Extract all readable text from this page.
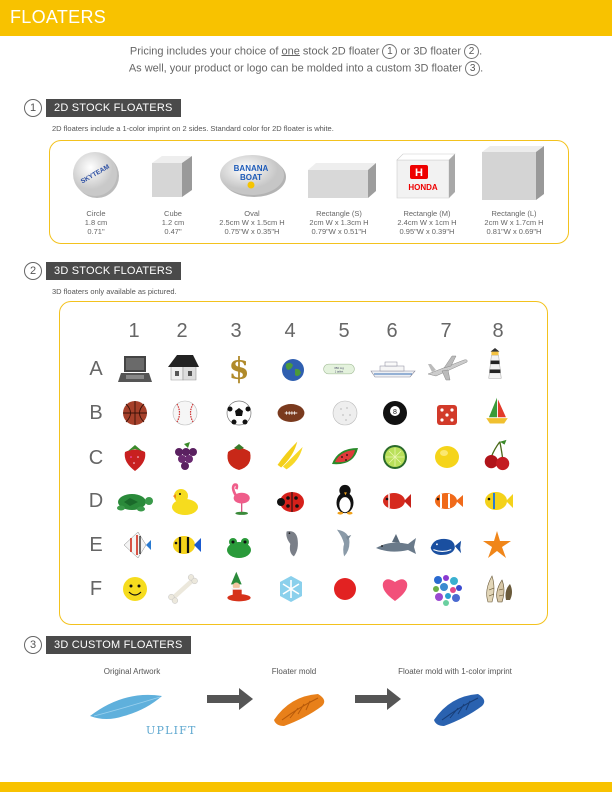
FLOATERS
Pricing includes your choice of one stock 2D floater 1 or 3D floater 2 .
As well, your product or logo can be molded into a custom 3D floater 3 .
1	2D STOCK FLOATERS
2D floaters include a 1-color imprint on 2 sides. Standard color for 2D floater is white.
SKYTEAM	BANANA
BOAT	H
HONDA
Circle
1.8 cm
0.71"
Cube
1.2 cm
0.47"
Oval
2.5cm W x 1.5cm H
0.75"W x 0.35"H
Rectangle (S)
2cm W x 1.3cm H
0.79"W x 0.51"H
Rectangle (M)
2.4cm W x 1cm H
0.95"W x 0.39"H
Rectangle (L)
2cm W x 1.7cm H
0.81"W x 0.69"H
2	3D STOCK FLOATERS
3D floaters only available as pictured.
1	2	3	4	5	6	7	8
A
B
C
D
E
F
$	350 mg
1 tablet
8
3	3D CUSTOM FLOATERS
Original Artwork	Floater mold	Floater mold with 1-color imprint
UPLIFT
